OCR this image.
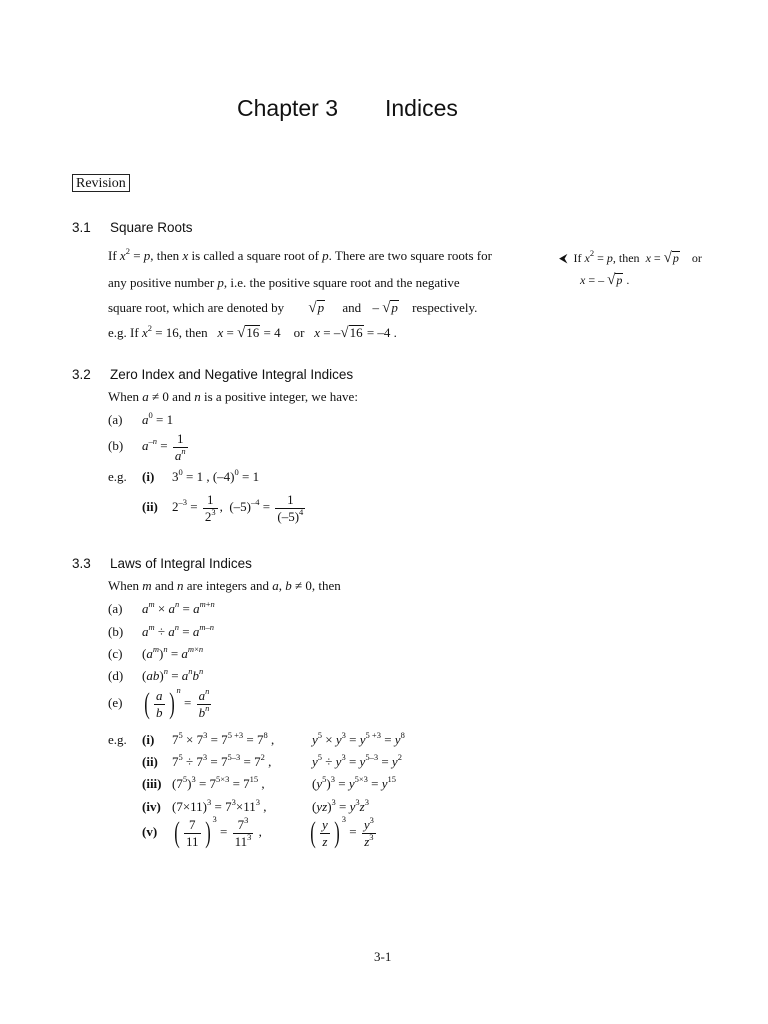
Chapter 3 Indices
Revision
3.1 Square Roots
If $x^2 = p$, then x is called a square root of p. There are two square roots for
any positive number p, i.e. the positive square root and the negative
square root, which are denoted by √p and – √p respectively.
e.g. If $x^2 = 16$, then   x = √16 = 4    or x = –√16 = –4 .
⮜  If $x^2 = p$, then  x = √p or
x = – √p .
3.2 Zero Index and Negative Integral Indices
When a ≠ 0 and n is a positive integer, we have:
(a) $a^0 = 1$
(b) $a^{-n} = \frac{1}{a^n}$
e.g. (i) $3^0 = 1$ , $(-4)^0 = 1$
(ii) $2^{-3} = \frac{1}{2^3}$ ,  $(-5)^{-4} = \frac{1}{(-5)^4}$
3.3 Laws of Integral Indices
When m and n are integers and a, b ≠ 0, then
(a) $a^m \times a^n = a^{m+n}$
(b) $a^m \div a^n = a^{m-n}$
(c) $(a^m)^n = a^{m\times n}$
(d) $(ab)^n = a^nb^n$
(e) ( $\frac{a}{b}$ ) $^n = \frac{a^n}{b^n}$
e.g. (i) $7^5 \times 7^3 = 7^{5 +3} = 7^8$ ,	$y^5 \times y^3 = y^{5 +3} = y^8$
(ii) $7^5 \div 7^3 = 7^{5-3} = 7^2$ ,	$y^5 \div y^3 = y^{5-3} = y^2$
(iii) $(7^5)^3 = 7^{5\times 3} = 7^{15}$ ,	$(y^5)^3 = y^{5\times 3} = y^{15}$
(iv) $(7\times 11)^3 = 7^3\times 11^3$ ,	$(yz)^3 = y^3z^3$
(v) ( $\frac{7}{11}$ ) $^3 = \frac{7^3}{11^3}$ , ( $\frac{y}{z}$ ) $^3 = \frac{y^3}{z^3}$
3-1
